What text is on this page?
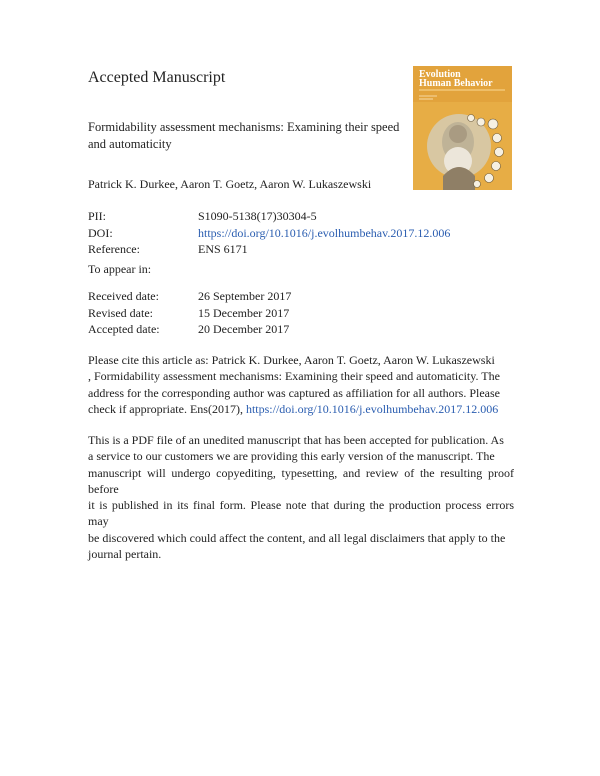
Accepted Manuscript	Evolution
Human Behavior
Formidability assessment mechanisms: Examining their speed
and automaticity
Patrick K. Durkee, Aaron T. Goetz, Aaron W. Lukaszewski
PII:	S1090-5138(17)30304-5
DOI:	https://doi.org/10.1016/j.evolhumbehav.2017.12.006
Reference:	ENS 6171
To appear in:
Received date:	26 September 2017
Revised date:	15 December 2017
Accepted date:	20 December 2017
Please cite this article as: Patrick K. Durkee, Aaron T. Goetz, Aaron W. Lukaszewski
, Formidability assessment mechanisms: Examining their speed and automaticity. The
address for the corresponding author was captured as affiliation for all authors. Please
check if appropriate. Ens(2017), https://doi.org/10.1016/j.evolhumbehav.2017.12.006
This is a PDF file of an unedited manuscript that has been accepted for publication. As
a service to our customers we are providing this early version of the manuscript. The
manuscript will undergo copyediting, typesetting, and review of the resulting proof before
it is published in its final form. Please note that during the production process errors may
be discovered which could affect the content, and all legal disclaimers that apply to the
journal pertain.
